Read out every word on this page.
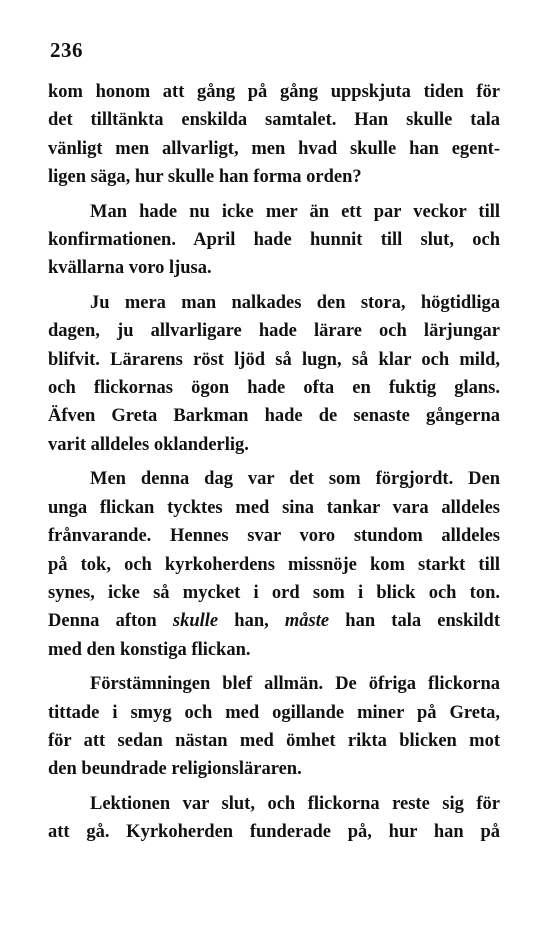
236

kom honom att gång på gång uppskjuta tiden för
det tilltänkta enskilda samtalet. Han skulle tala
vänligt men allvarligt, men hvad skulle han egent-
ligen säga, hur skulle han forma orden?

Man hade nu icke mer än ett par veckor till
konfirmationen. April hade hunnit till slut, och
kvällarna voro ljusa.

Ju mera man nalkades den stora, högtidliga
dagen, ju allvarligare hade lärare och lärjungar
blifvit. Lärarens röst ljöd så lugn, så klar och mild,
och flickornas ögon hade ofta en fuktig glans.
Äfven Greta Barkman hade de senaste gångerna
varit alldeles oklanderlig.

Men denna dag var det som förgjordt. Den
unga flickan tycktes med sina tankar vara alldeles
frånvarande. Hennes svar voro stundom alldeles
på tok, och kyrkoherdens missnöje kom starkt till
synes, icke så mycket i ord som i blick och ton.
Denna afton skulle han, måste han tala enskildt
med den konstiga flickan.

Förstämningen blef allmän. De öfriga flickorna
tittade i smyg och med ogillande miner på Greta,
för att sedan nästan med ömhet rikta blicken mot
den beundrade religionsläraren.

Lektionen var slut, och flickorna reste sig för
att gå. Kyrkoherden funderade på, hur han på
